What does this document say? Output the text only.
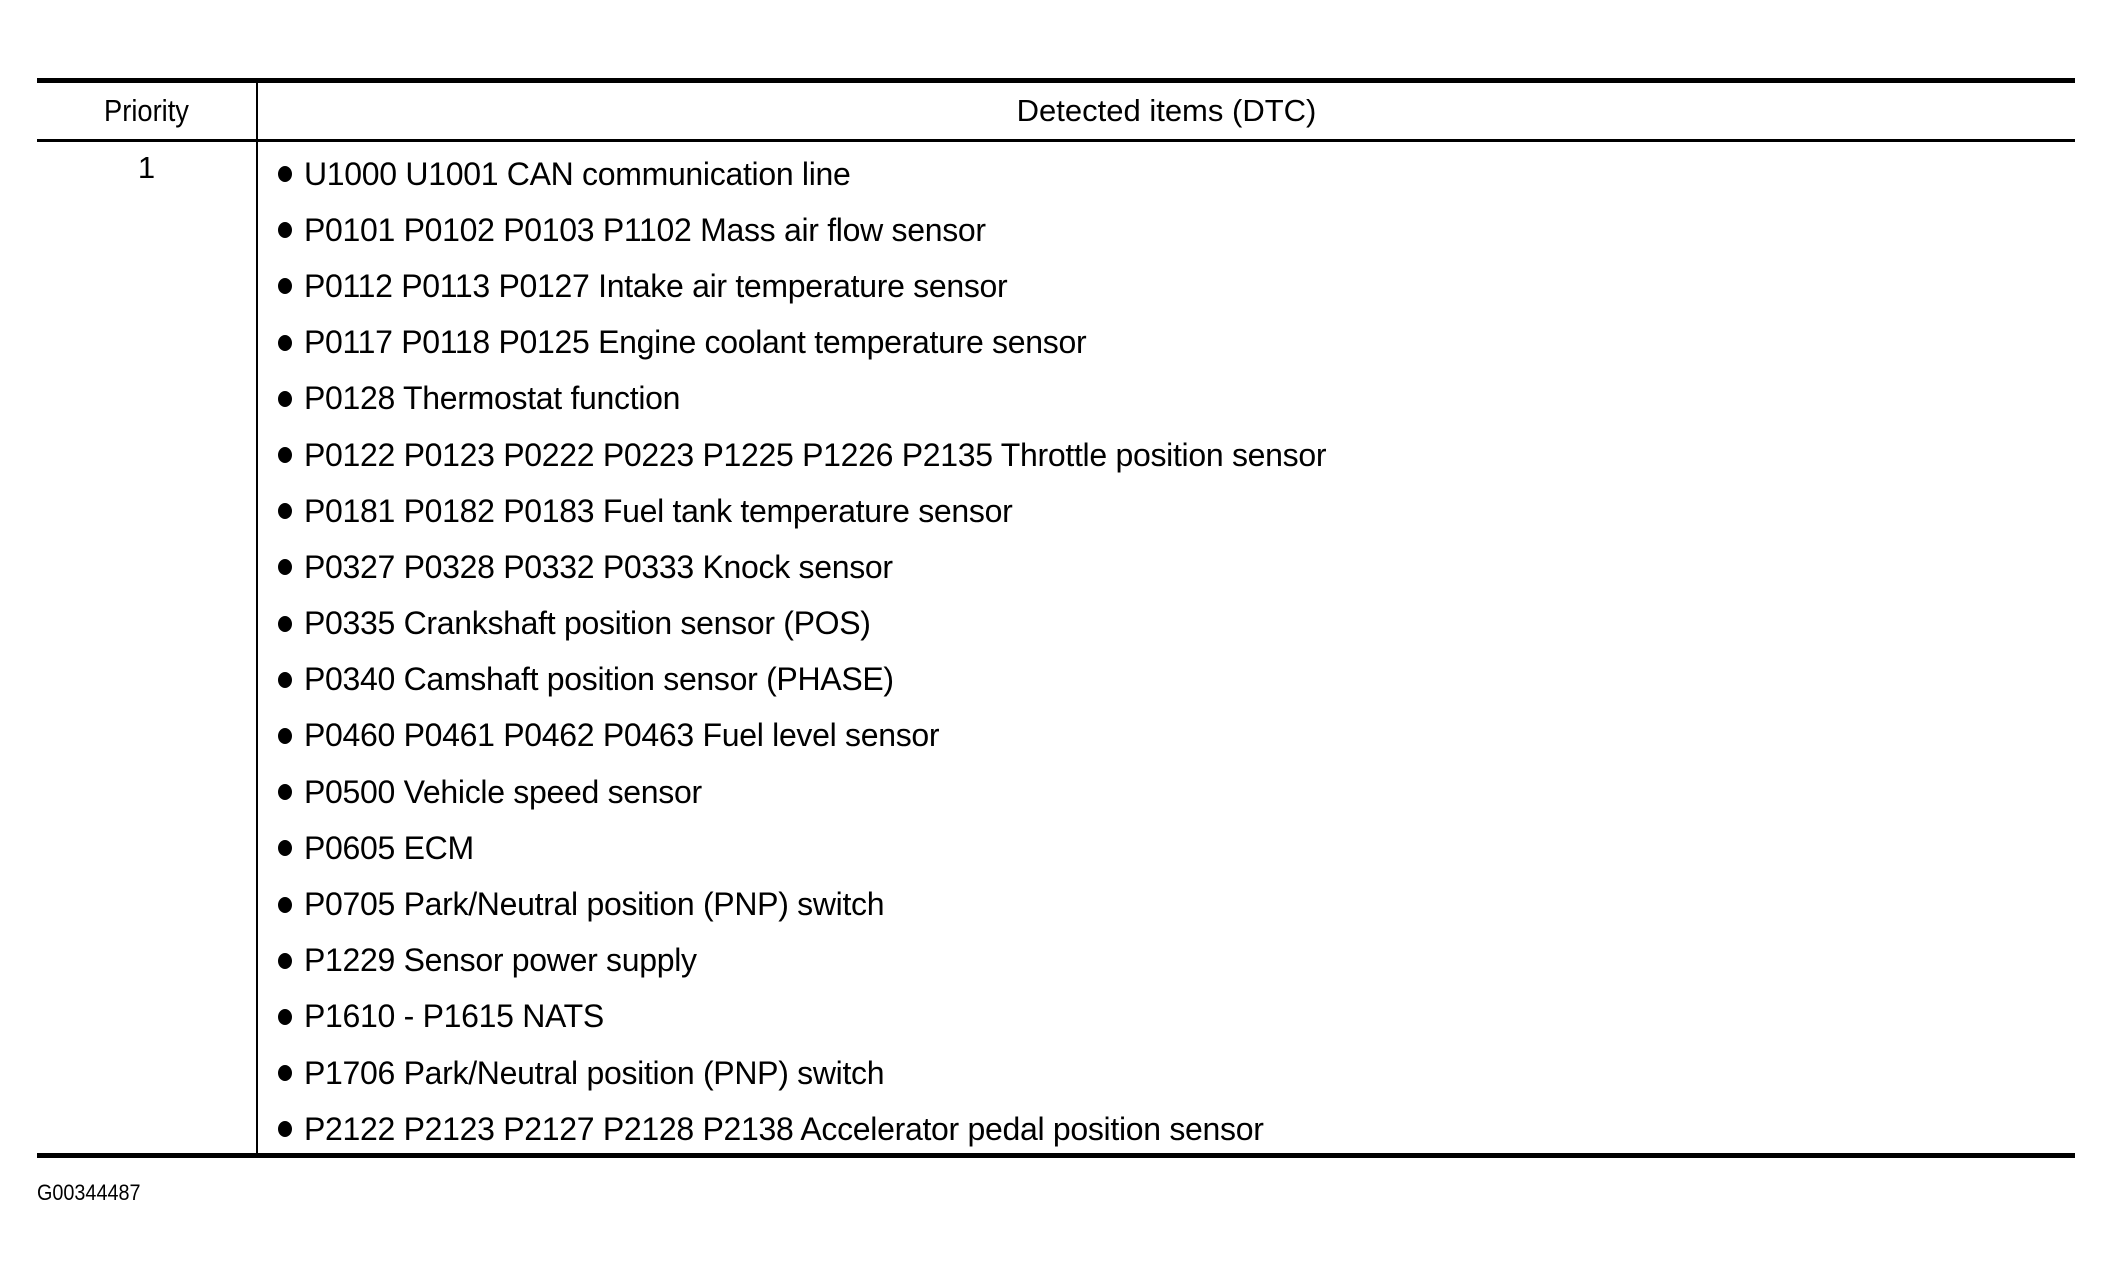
Priority	Detected items (DTC)
1	U1000 U1001 CAN communication line
P0101 P0102 P0103 P1102 Mass air flow sensor
P0112 P0113 P0127 Intake air temperature sensor
P0117 P0118 P0125 Engine coolant temperature sensor
P0128 Thermostat function
P0122 P0123 P0222 P0223 P1225 P1226 P2135 Throttle position sensor
P0181 P0182 P0183 Fuel tank temperature sensor
P0327 P0328 P0332 P0333 Knock sensor
P0335 Crankshaft position sensor (POS)
P0340 Camshaft position sensor (PHASE)
P0460 P0461 P0462 P0463 Fuel level sensor
P0500 Vehicle speed sensor
P0605 ECM
P0705 Park/Neutral position (PNP) switch
P1229 Sensor power supply
P1610 - P1615 NATS
P1706 Park/Neutral position (PNP) switch
P2122 P2123 P2127 P2128 P2138 Accelerator pedal position sensor
G00344487
